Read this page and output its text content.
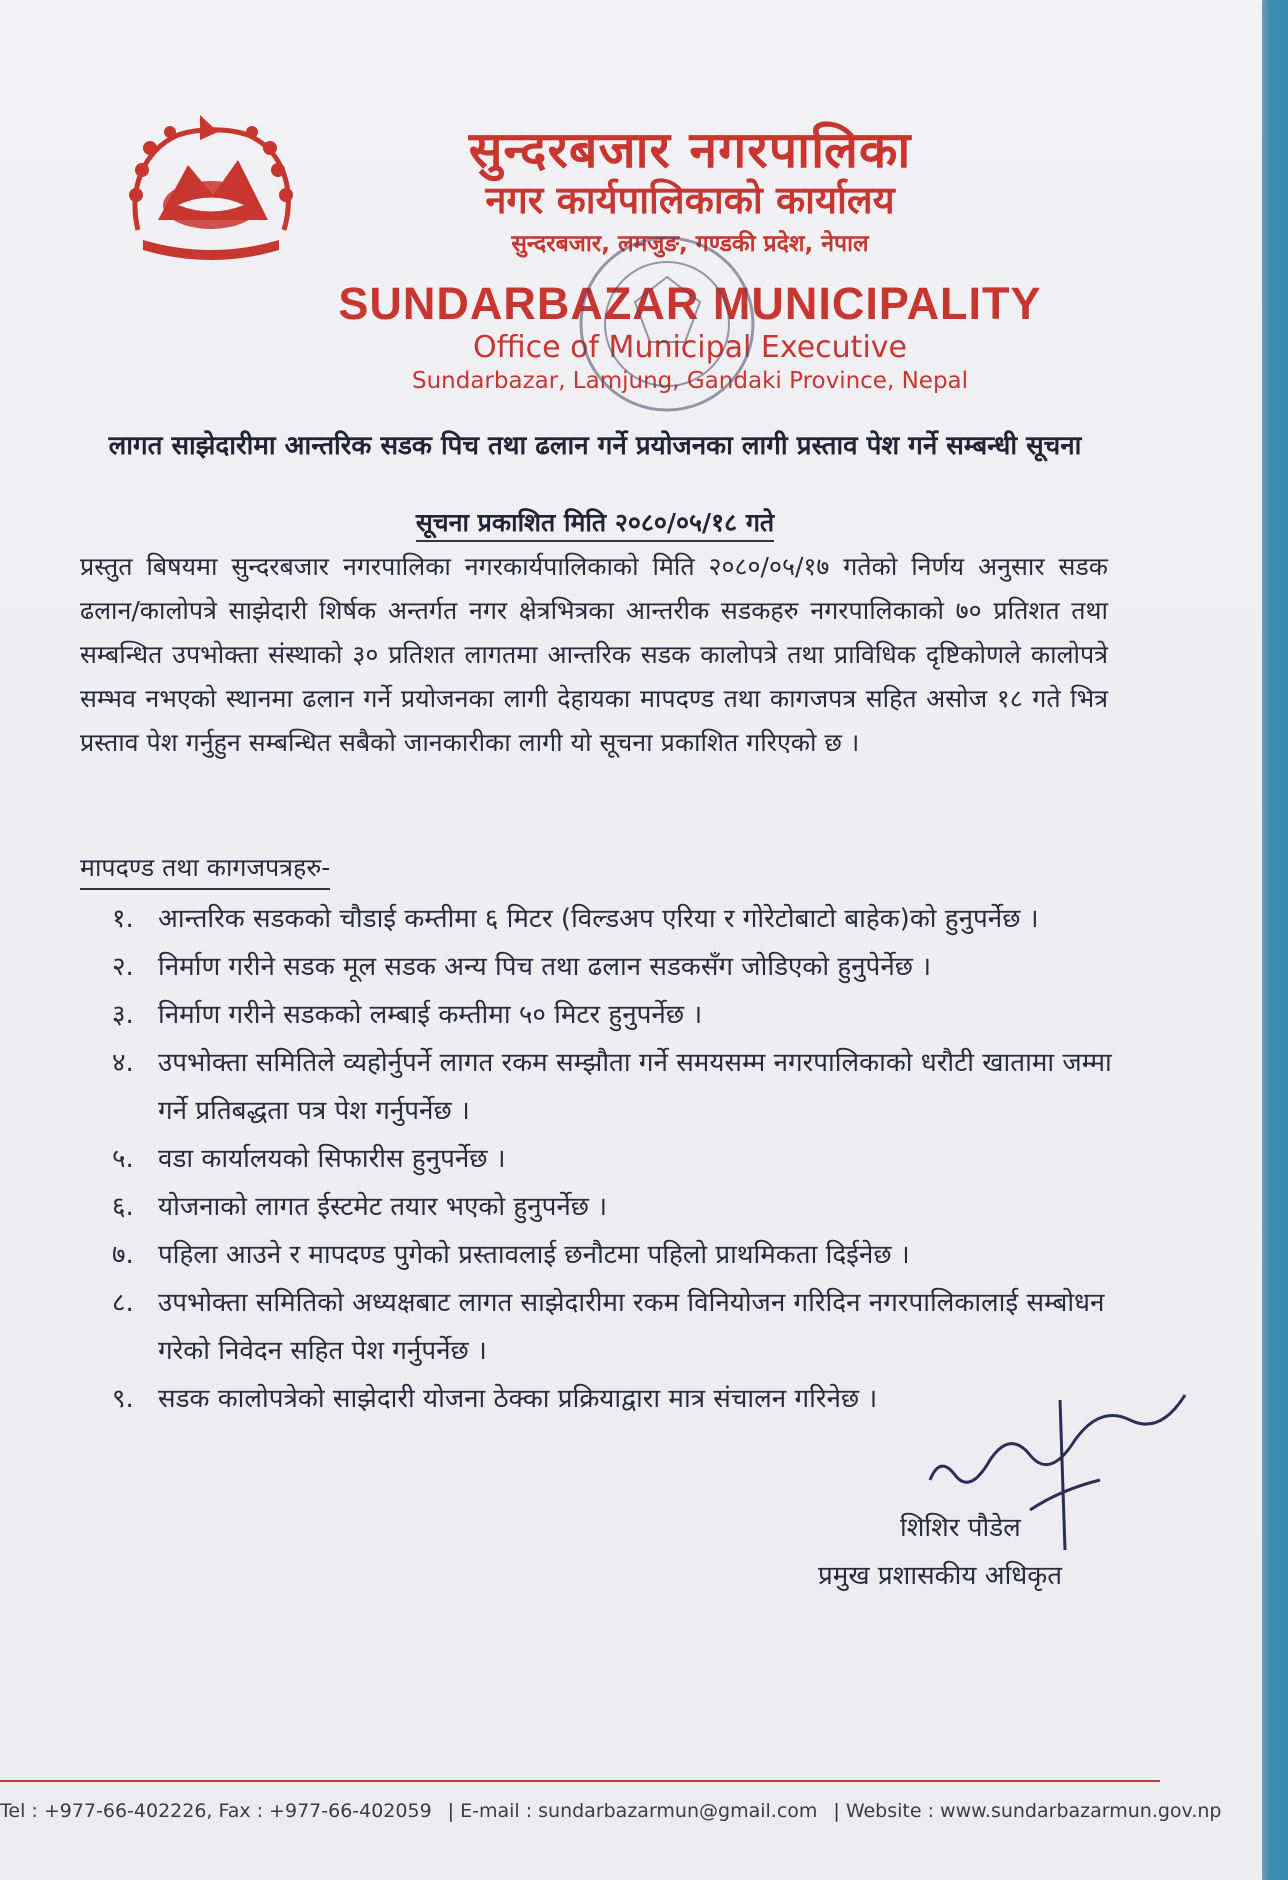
सुन्दरबजार नगरपालिका
नगर कार्यपालिकाको कार्यालय
सुन्दरबजार, लमजुङ, गण्डकी प्रदेश, नेपाल
SUNDARBAZAR MUNICIPALITY
Office of Municipal Executive
Sundarbazar, Lamjung, Gandaki Province, Nepal
लागत साझेदारीमा आन्तरिक सडक पिच तथा ढलान गर्ने प्रयोजनका लागी प्रस्ताव पेश गर्ने सम्बन्धी सूचना
सूचना प्रकाशित मिति २०८०/०५/१८ गते
प्रस्तुत बिषयमा सुन्दरबजार नगरपालिका नगरकार्यपालिकाको मिति २०८०/०५/१७ गतेको निर्णय अनुसार सडक ढलान/कालोपत्रे साझेदारी शिर्षक अन्तर्गत नगर क्षेत्रभित्रका आन्तरीक सडकहरु नगरपालिकाको ७० प्रतिशत तथा सम्बन्धित उपभोक्ता संस्थाको ३० प्रतिशत लागतमा आन्तरिक सडक कालोपत्रे तथा प्राविधिक दृष्टिकोणले कालोपत्रे सम्भव नभएको स्थानमा ढलान गर्ने प्रयोजनका लागी देहायका मापदण्ड तथा कागजपत्र सहित असोज १८ गते भित्र प्रस्ताव पेश गर्नुहुन सम्बन्धित सबैको जानकारीका लागी यो सूचना प्रकाशित गरिएको छ ।
मापदण्ड तथा कागजपत्रहरु-
१. आन्तरिक सडकको चौडाई कम्तीमा ६ मिटर (विल्डअप एरिया र गोरेटोबाटो बाहेक)को हुनुपर्नेछ ।
२. निर्माण गरीने सडक मूल सडक अन्य पिच तथा ढलान सडकसँग जोडिएको हुनुपेर्नेछ ।
३. निर्माण गरीने सडकको लम्बाई कम्तीमा ५० मिटर हुनुपर्नेछ ।
४. उपभोक्ता समितिले व्यहोर्नुपर्ने लागत रकम सम्झौता गर्ने समयसम्म नगरपालिकाको धरौटी खातामा जम्मा गर्ने प्रतिबद्धता पत्र पेश गर्नुपर्नेछ ।
५. वडा कार्यालयको सिफारीस हुनुपर्नेछ ।
६. योजनाको लागत ईस्टमेट तयार भएको हुनुपर्नेछ ।
७. पहिला आउने र मापदण्ड पुगेको प्रस्तावलाई छनौटमा पहिलो प्राथमिकता दिईनेछ ।
८. उपभोक्ता समितिको अध्यक्षबाट लागत साझेदारीमा रकम विनियोजन गरिदिन नगरपालिकालाई सम्बोधन गरेको निवेदन सहित पेश गर्नुपर्नेछ ।
९. सडक कालोपत्रेको साझेदारी योजना ठेक्का प्रक्रियाद्वारा मात्र संचालन गरिनेछ ।
शिशिर पौडेल
प्रमुख प्रशासकीय अधिकृत
Tel : +977-66-402226, Fax : +977-66-402059 | E-mail : sundarbazarmun@gmail.com | Website : www.sundarbazarmun.gov.np
